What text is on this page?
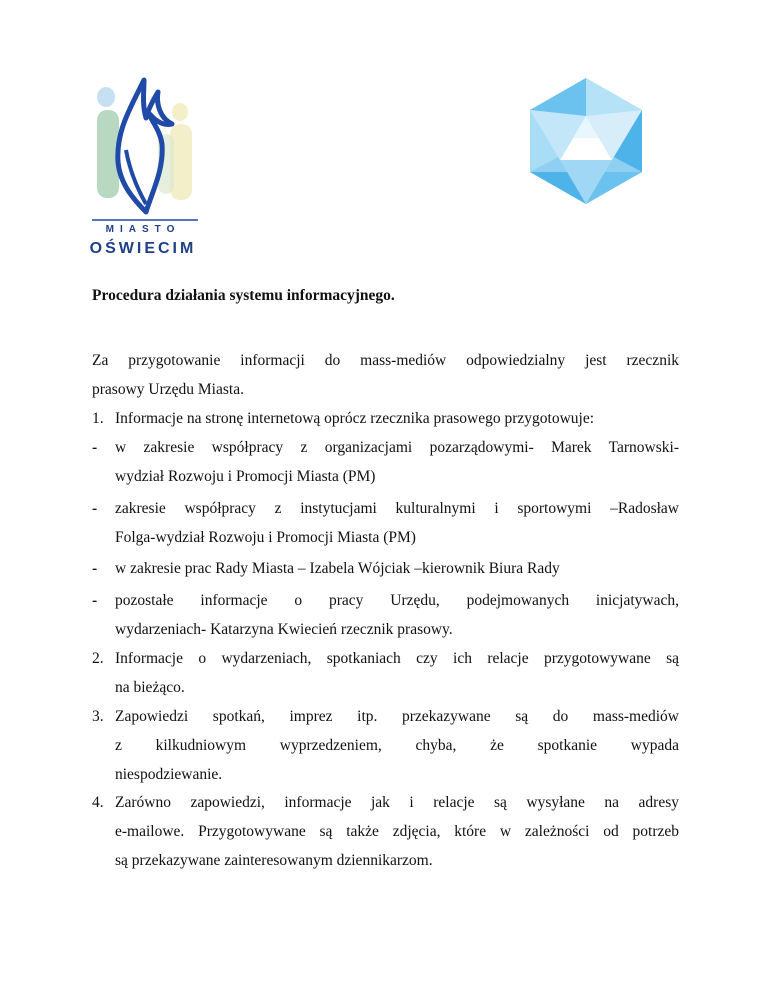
MIASTO
OŚWIECIM
Procedura działania systemu informacyjnego.
Za przygotowanie informacji do mass-mediów odpowiedzialny jest rzecznik
prasowy Urzędu Miasta.
1. Informacje na stronę internetową oprócz rzecznika prasowego przygotowuje:
-	w zakresie współpracy z organizacjami pozarządowymi- Marek Tarnowski-
wydział Rozwoju i Promocji Miasta (PM)
-	zakresie współpracy z instytucjami kulturalnymi i sportowymi –Radosław
Folga-wydział Rozwoju i Promocji Miasta (PM)
-	w zakresie prac Rady Miasta – Izabela Wójciak –kierownik Biura Rady
-	pozostałe informacje o pracy Urzędu, podejmowanych inicjatywach,
wydarzeniach- Katarzyna Kwiecień rzecznik prasowy.
2. Informacje o wydarzeniach, spotkaniach czy ich relacje przygotowywane są
na bieżąco.
3. Zapowiedzi spotkań, imprez itp. przekazywane są do mass-mediów
z kilkudniowym wyprzedzeniem, chyba, że spotkanie wypada
niespodziewanie.
4. Zarówno zapowiedzi, informacje jak i relacje są wysyłane na adresy
e-mailowe. Przygotowywane są także zdjęcia, które w zależności od potrzeb
są przekazywane zainteresowanym dziennikarzom.
